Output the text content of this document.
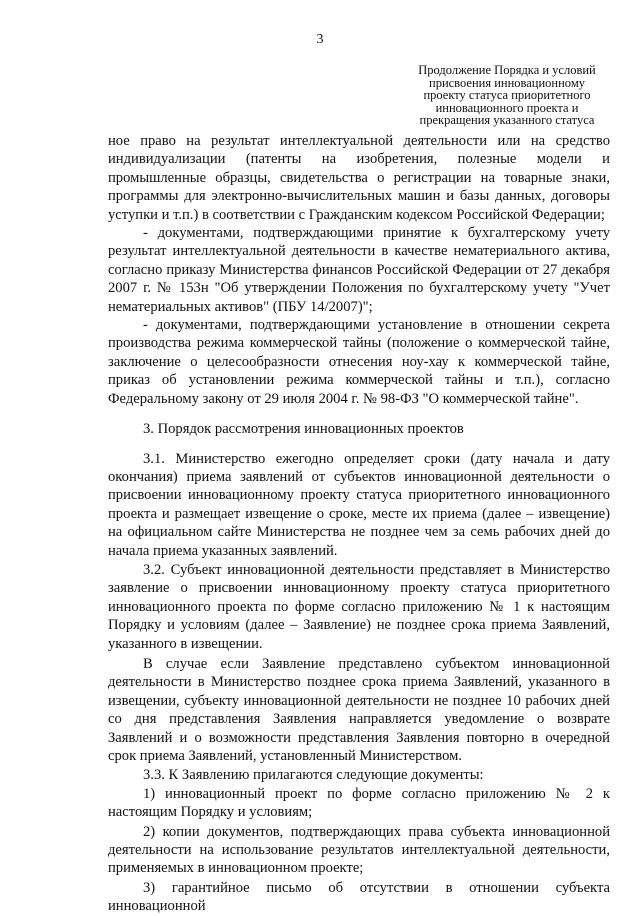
3
Продолжение Порядка и условий
присвоения инновационному
проекту статуса приоритетного
инновационного проекта и
прекращения указанного статуса

ное право на результат интеллектуальной деятельности или на средство индивидуализации (патенты на изобретения, полезные модели и промышленные образцы, свидетельства о регистрации на товарные знаки, программы для электронно-вычислительных машин и базы данных, договоры уступки и т.п.) в соответствии с Гражданским кодексом Российской Федерации;

- документами, подтверждающими принятие к бухгалтерскому учету результат интеллектуальной деятельности в качестве нематериального актива, согласно приказу Министерства финансов Российской Федерации от 27 декабря 2007 г. № 153н "Об утверждении Положения по бухгалтерскому учету "Учет нематериальных активов" (ПБУ 14/2007)";

- документами, подтверждающими установление в отношении секрета производства режима коммерческой тайны (положение о коммерческой тайне, заключение о целесообразности отнесения ноу-хау к коммерческой тайне, приказ об установлении режима коммерческой тайны и т.п.), согласно Федеральному закону от 29 июля 2004 г. № 98-ФЗ "О коммерческой тайне".

3. Порядок рассмотрения инновационных проектов

3.1. Министерство ежегодно определяет сроки (дату начала и дату окончания) приема заявлений от субъектов инновационной деятельности о присвоении инновационному проекту статуса приоритетного инновационного проекта и размещает извещение о сроке, месте их приема (далее – извещение) на официальном сайте Министерства не позднее чем за семь рабочих дней до начала приема указанных заявлений.

3.2. Субъект инновационной деятельности представляет в Министерство заявление о присвоении инновационному проекту статуса приоритетного инновационного проекта по форме согласно приложению № 1 к настоящим Порядку и условиям (далее – Заявление) не позднее срока приема Заявлений, указанного в извещении.

В случае если Заявление представлено субъектом инновационной деятельности в Министерство позднее срока приема Заявлений, указанного в извещении, субъекту инновационной деятельности не позднее 10 рабочих дней со дня представления Заявления направляется уведомление о возврате Заявлений и о возможности представления Заявления повторно в очередной срок приема Заявлений, установленный Министерством.

3.3. К Заявлению прилагаются следующие документы:

1) инновационный проект по форме согласно приложению № 2 к настоящим Порядку и условиям;

2) копии документов, подтверждающих права субъекта инновационной деятельности на использование результатов интеллектуальной деятельности, применяемых в инновационном проекте;

3) гарантийное письмо об отсутствии в отношении субъекта инновационной
